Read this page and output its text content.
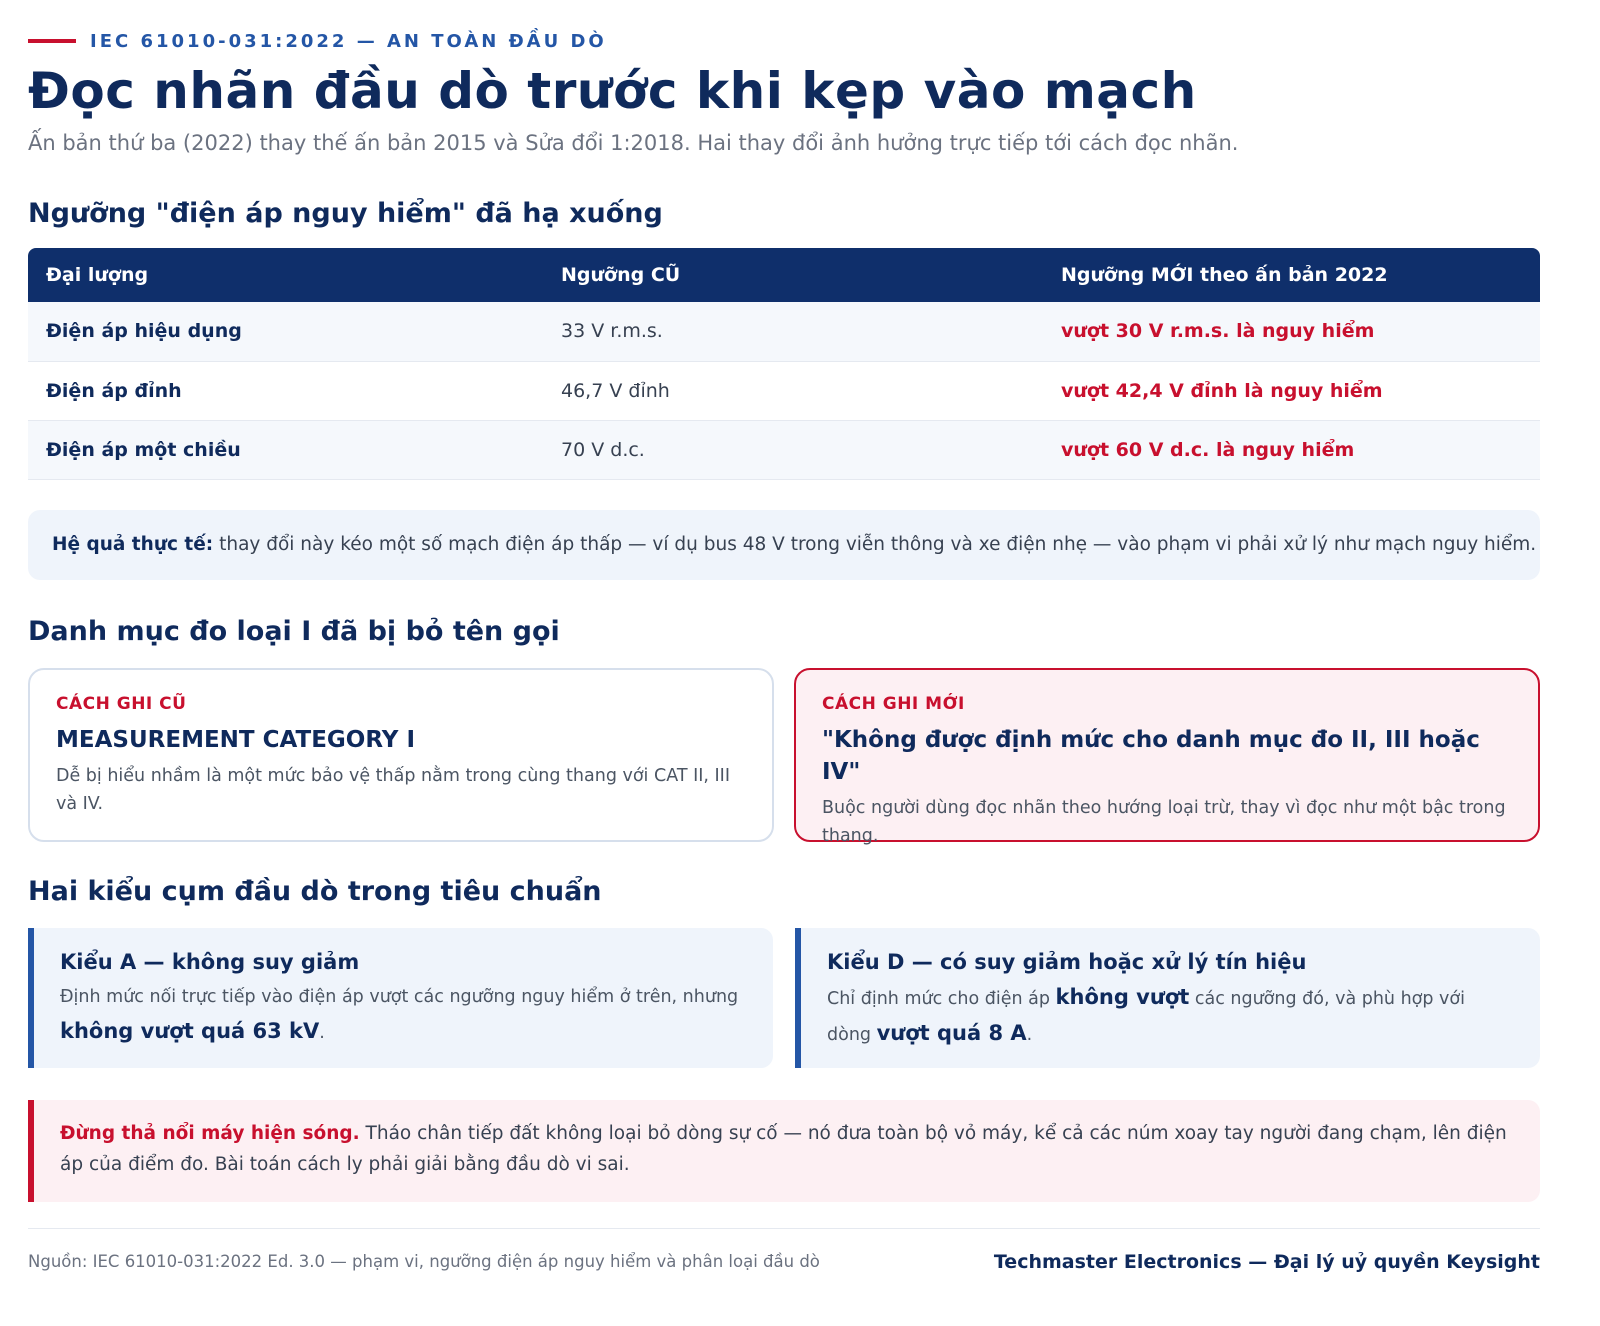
IEC 61010-031:2022 — AN TOÀN ĐẦU DÒ
Đọc nhãn đầu dò trước khi kẹp vào mạch

Ấn bản thứ ba (2022) thay thế ấn bản 2015 và Sửa đổi 1:2018. Hai thay đổi ảnh hưởng trực tiếp tới cách đọc nhãn.

Ngưỡng "điện áp nguy hiểm" đã hạ xuống
Đại lượng	Ngưỡng CŨ	Ngưỡng MỚI theo ấn bản 2022
Điện áp hiệu dụng	33 V r.m.s.	vượt 30 V r.m.s. là nguy hiểm
Điện áp đỉnh	46,7 V đỉnh	vượt 42,4 V đỉnh là nguy hiểm
Điện áp một chiều	70 V d.c.	vượt 60 V d.c. là nguy hiểm
Hệ quả thực tế: thay đổi này kéo một số mạch điện áp thấp — ví dụ bus 48 V trong viễn thông và xe điện nhẹ — vào phạm vi phải xử lý như mạch nguy hiểm.
Danh mục đo loại I đã bị bỏ tên gọi
CÁCH GHI CŨ
MEASUREMENT CATEGORY I
Dễ bị hiểu nhầm là một mức bảo vệ thấp nằm trong cùng thang với CAT II, III và IV.
CÁCH GHI MỚI
"Không được định mức cho danh mục đo II, III hoặc IV"
Buộc người dùng đọc nhãn theo hướng loại trừ, thay vì đọc như một bậc trong thang.
Hai kiểu cụm đầu dò trong tiêu chuẩn
Kiểu A — không suy giảm
Định mức nối trực tiếp vào điện áp vượt các ngưỡng nguy hiểm ở trên, nhưng không vượt quá 63 kV.
Kiểu D — có suy giảm hoặc xử lý tín hiệu
Chỉ định mức cho điện áp không vượt các ngưỡng đó, và phù hợp với dòng vượt quá 8 A.
Đừng thả nổi máy hiện sóng. Tháo chân tiếp đất không loại bỏ dòng sự cố — nó đưa toàn bộ vỏ máy, kể cả các núm xoay tay người đang chạm, lên điện áp của điểm đo. Bài toán cách ly phải giải bằng đầu dò vi sai.
Nguồn: IEC 61010-031:2022 Ed. 3.0 — phạm vi, ngưỡng điện áp nguy hiểm và phân loại đầu dò	Techmaster Electronics — Đại lý uỷ quyền Keysight
